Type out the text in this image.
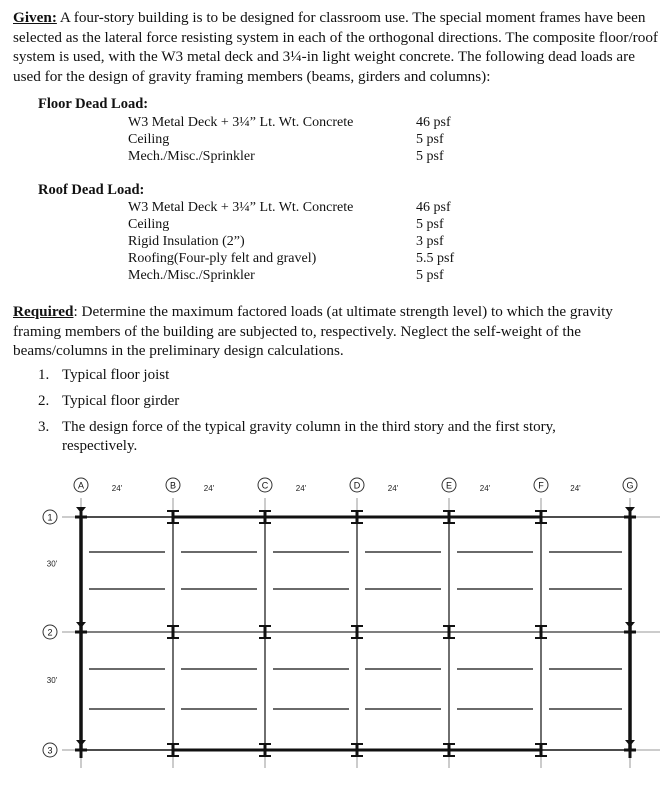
Given: A four-story building is to be designed for classroom use. The special moment frames have been selected as the lateral force resisting system in each of the orthogonal directions. The composite floor/roof system is used, with the W3 metal deck and 3¼-in light weight concrete. The following dead loads are used for the design of gravity framing members (beams, girders and columns):
Floor Dead Load:
W3 Metal Deck + 3¼” Lt. Wt. Concrete	46 psf
Ceiling	5 psf
Mech./Misc./Sprinkler	5 psf
Roof Dead Load:
W3 Metal Deck + 3¼” Lt. Wt. Concrete	46 psf
Ceiling	5 psf
Rigid Insulation (2”)	3 psf
Roofing(Four-ply felt and gravel)	5.5 psf
Mech./Misc./Sprinkler	5 psf
Required: Determine the maximum factored loads (at ultimate strength level) to which the gravity framing members of the building are subjected to, respectively. Neglect the self-weight of the beams/columns in the preliminary design calculations.
1. Typical floor joist
2. Typical floor girder
3. The design force of the typical gravity column in the third story and the first story, respectively.
A	B	C	D	E	F	G
24'	24'	24'	24'	24'	24'
1
2
3
30'
30'
